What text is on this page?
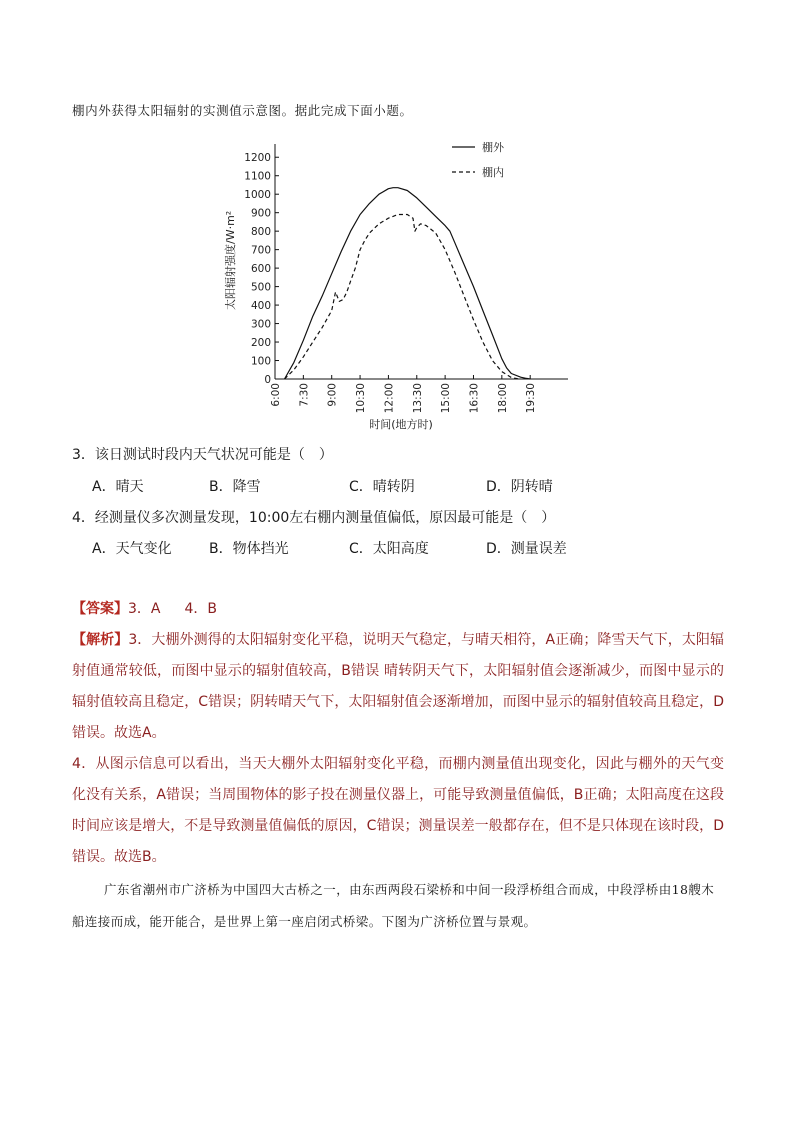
棚内外获得太阳辐射的实测值示意图。据此完成下面小题。
0
100
200
300
400
500
600
700
800
900
1000
1100
1200
6:00 7:30 9:00 10:30 12:00 13:30 15:00 16:30 18:00 19:30
太阳辐射强度/W·m²
时间(地方时)
棚外
棚内
3．该日测试时段内天气状况可能是（　）
A．晴天	B．降雪	C．晴转阴	D．阴转晴
4．经测量仪多次测量发现，10:00左右棚内测量值偏低，原因最可能是（　）
A．天气变化	B．物体挡光	C．太阳高度	D．测量误差
【答案】3．A 4．B
【解析】3．大棚外测得的太阳辐射变化平稳，说明天气稳定，与晴天相符，A正确；降雪天气下，太阳辐射值通常较低，而图中显示的辐射值较高，B错误 晴转阴天气下，太阳辐射值会逐渐减少，而图中显示的辐射值较高且稳定，C错误；阴转晴天气下，太阳辐射值会逐渐增加，而图中显示的辐射值较高且稳定，D错误。故选A。
4．从图示信息可以看出，当天大棚外太阳辐射变化平稳，而棚内测量值出现变化，因此与棚外的天气变化没有关系，A错误；当周围物体的影子投在测量仪器上，可能导致测量值偏低，B正确；太阳高度在这段时间应该是增大，不是导致测量值偏低的原因，C错误；测量误差一般都存在，但不是只体现在该时段，D错误。故选B。
广东省潮州市广济桥为中国四大古桥之一，由东西两段石梁桥和中间一段浮桥组合而成，中段浮桥由18艘木船连接而成，能开能合，是世界上第一座启闭式桥梁。下图为广济桥位置与景观。
